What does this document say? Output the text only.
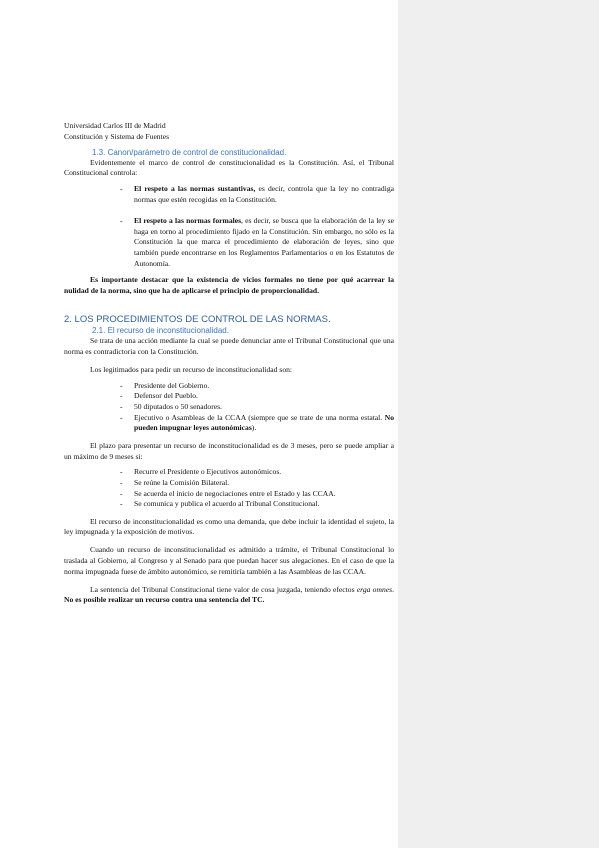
Universidad Carlos III de Madrid

Constitución y Sistema de Fuentes

1.3. Canon/parámetro de control de constitucionalidad.

Evidentemente el marco de control de constitucionalidad es la Constitución. Así, el Tribunal Constitucional controla:

- El respeto a las normas sustantivas, es decir, controla que la ley no contradiga normas que estén recogidas en la Constitución.
- El respeto a las normas formales, es decir, se busca que la elaboración de la ley se haga en torno al procedimiento fijado en la Constitución. Sin embargo, no sólo es la Constitución la que marca el procedimiento de elaboración de leyes, sino que también puede encontrarse en los Reglamentos Parlamentarios o en los Estatutos de Autonomía.

Es importante destacar que la existencia de vicios formales no tiene por qué acarrear la nulidad de la norma, sino que ha de aplicarse el principio de proporcionalidad.

2. LOS PROCEDIMIENTOS DE CONTROL DE LAS NORMAS.

2.1. El recurso de inconstitucionalidad.

Se trata de una acción mediante la cual se puede denunciar ante el Tribunal Constitucional que una norma es contradictoria con la Constitución.

Los legitimados para pedir un recurso de inconstitucionalidad son:

- Presidente del Gobierno.
- Defensor del Pueblo.
- 50 diputados o 50 senadores.
- Ejecutivo o Asambleas de la CCAA (siempre que se trate de una norma estatal. No pueden impugnar leyes autonómicas).

El plazo para presentar un recurso de inconstitucionalidad es de 3 meses, pero se puede ampliar a un máximo de 9 meses si:

- Recurre el Presidente o Ejecutivos autonómicos.
- Se reúne la Comisión Bilateral.
- Se acuerda el inicio de negociaciones entre el Estado y las CCAA.
- Se comunica y publica el acuerdo al Tribunal Constitucional.

El recurso de inconstitucionalidad es como una demanda, que debe incluir la identidad el sujeto, la ley impugnada y la exposición de motivos.

Cuando un recurso de inconstitucionalidad es admitido a trámite, el Tribunal Constitucional lo traslada al Gobierno, al Congreso y al Senado para que puedan hacer sus alegaciones. En el caso de que la norma impugnada fuese de ámbito autonómico, se remitiría también a las Asambleas de las CCAA.

La sentencia del Tribunal Constitucional tiene valor de cosa juzgada, teniendo efectos erga omnes. No es posible realizar un recurso contra una sentencia del TC.
